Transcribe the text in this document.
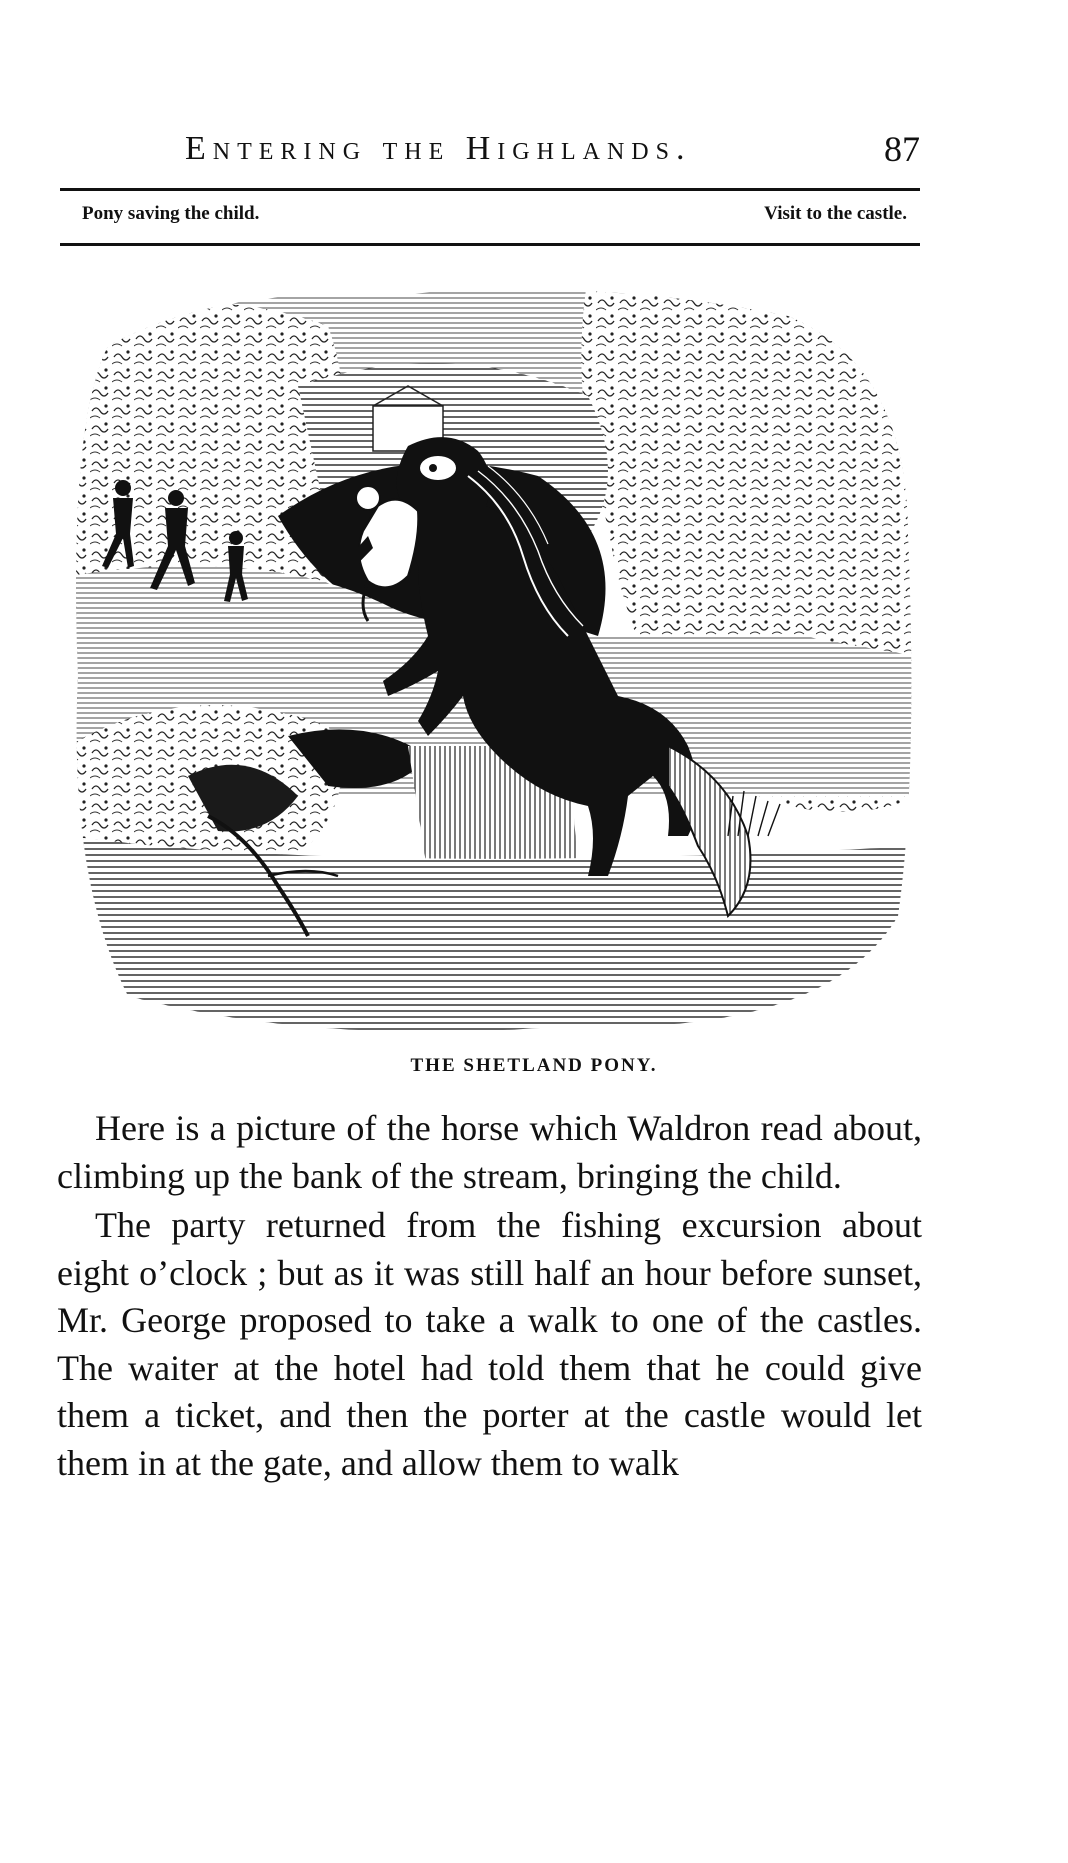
Entering the Highlands.	87
Pony saving the child.	Visit to the castle.
THE SHETLAND PONY.

Here is a picture of the horse which Waldron read about, climbing up the bank of the stream, bringing the child.

The party returned from the fishing excursion about eight o’clock ; but as it was still half an hour before sunset, Mr. George proposed to take a walk to one of the castles. The waiter at the hotel had told them that he could give them a ticket, and then the porter at the castle would let them in at the gate, and allow them to walk
